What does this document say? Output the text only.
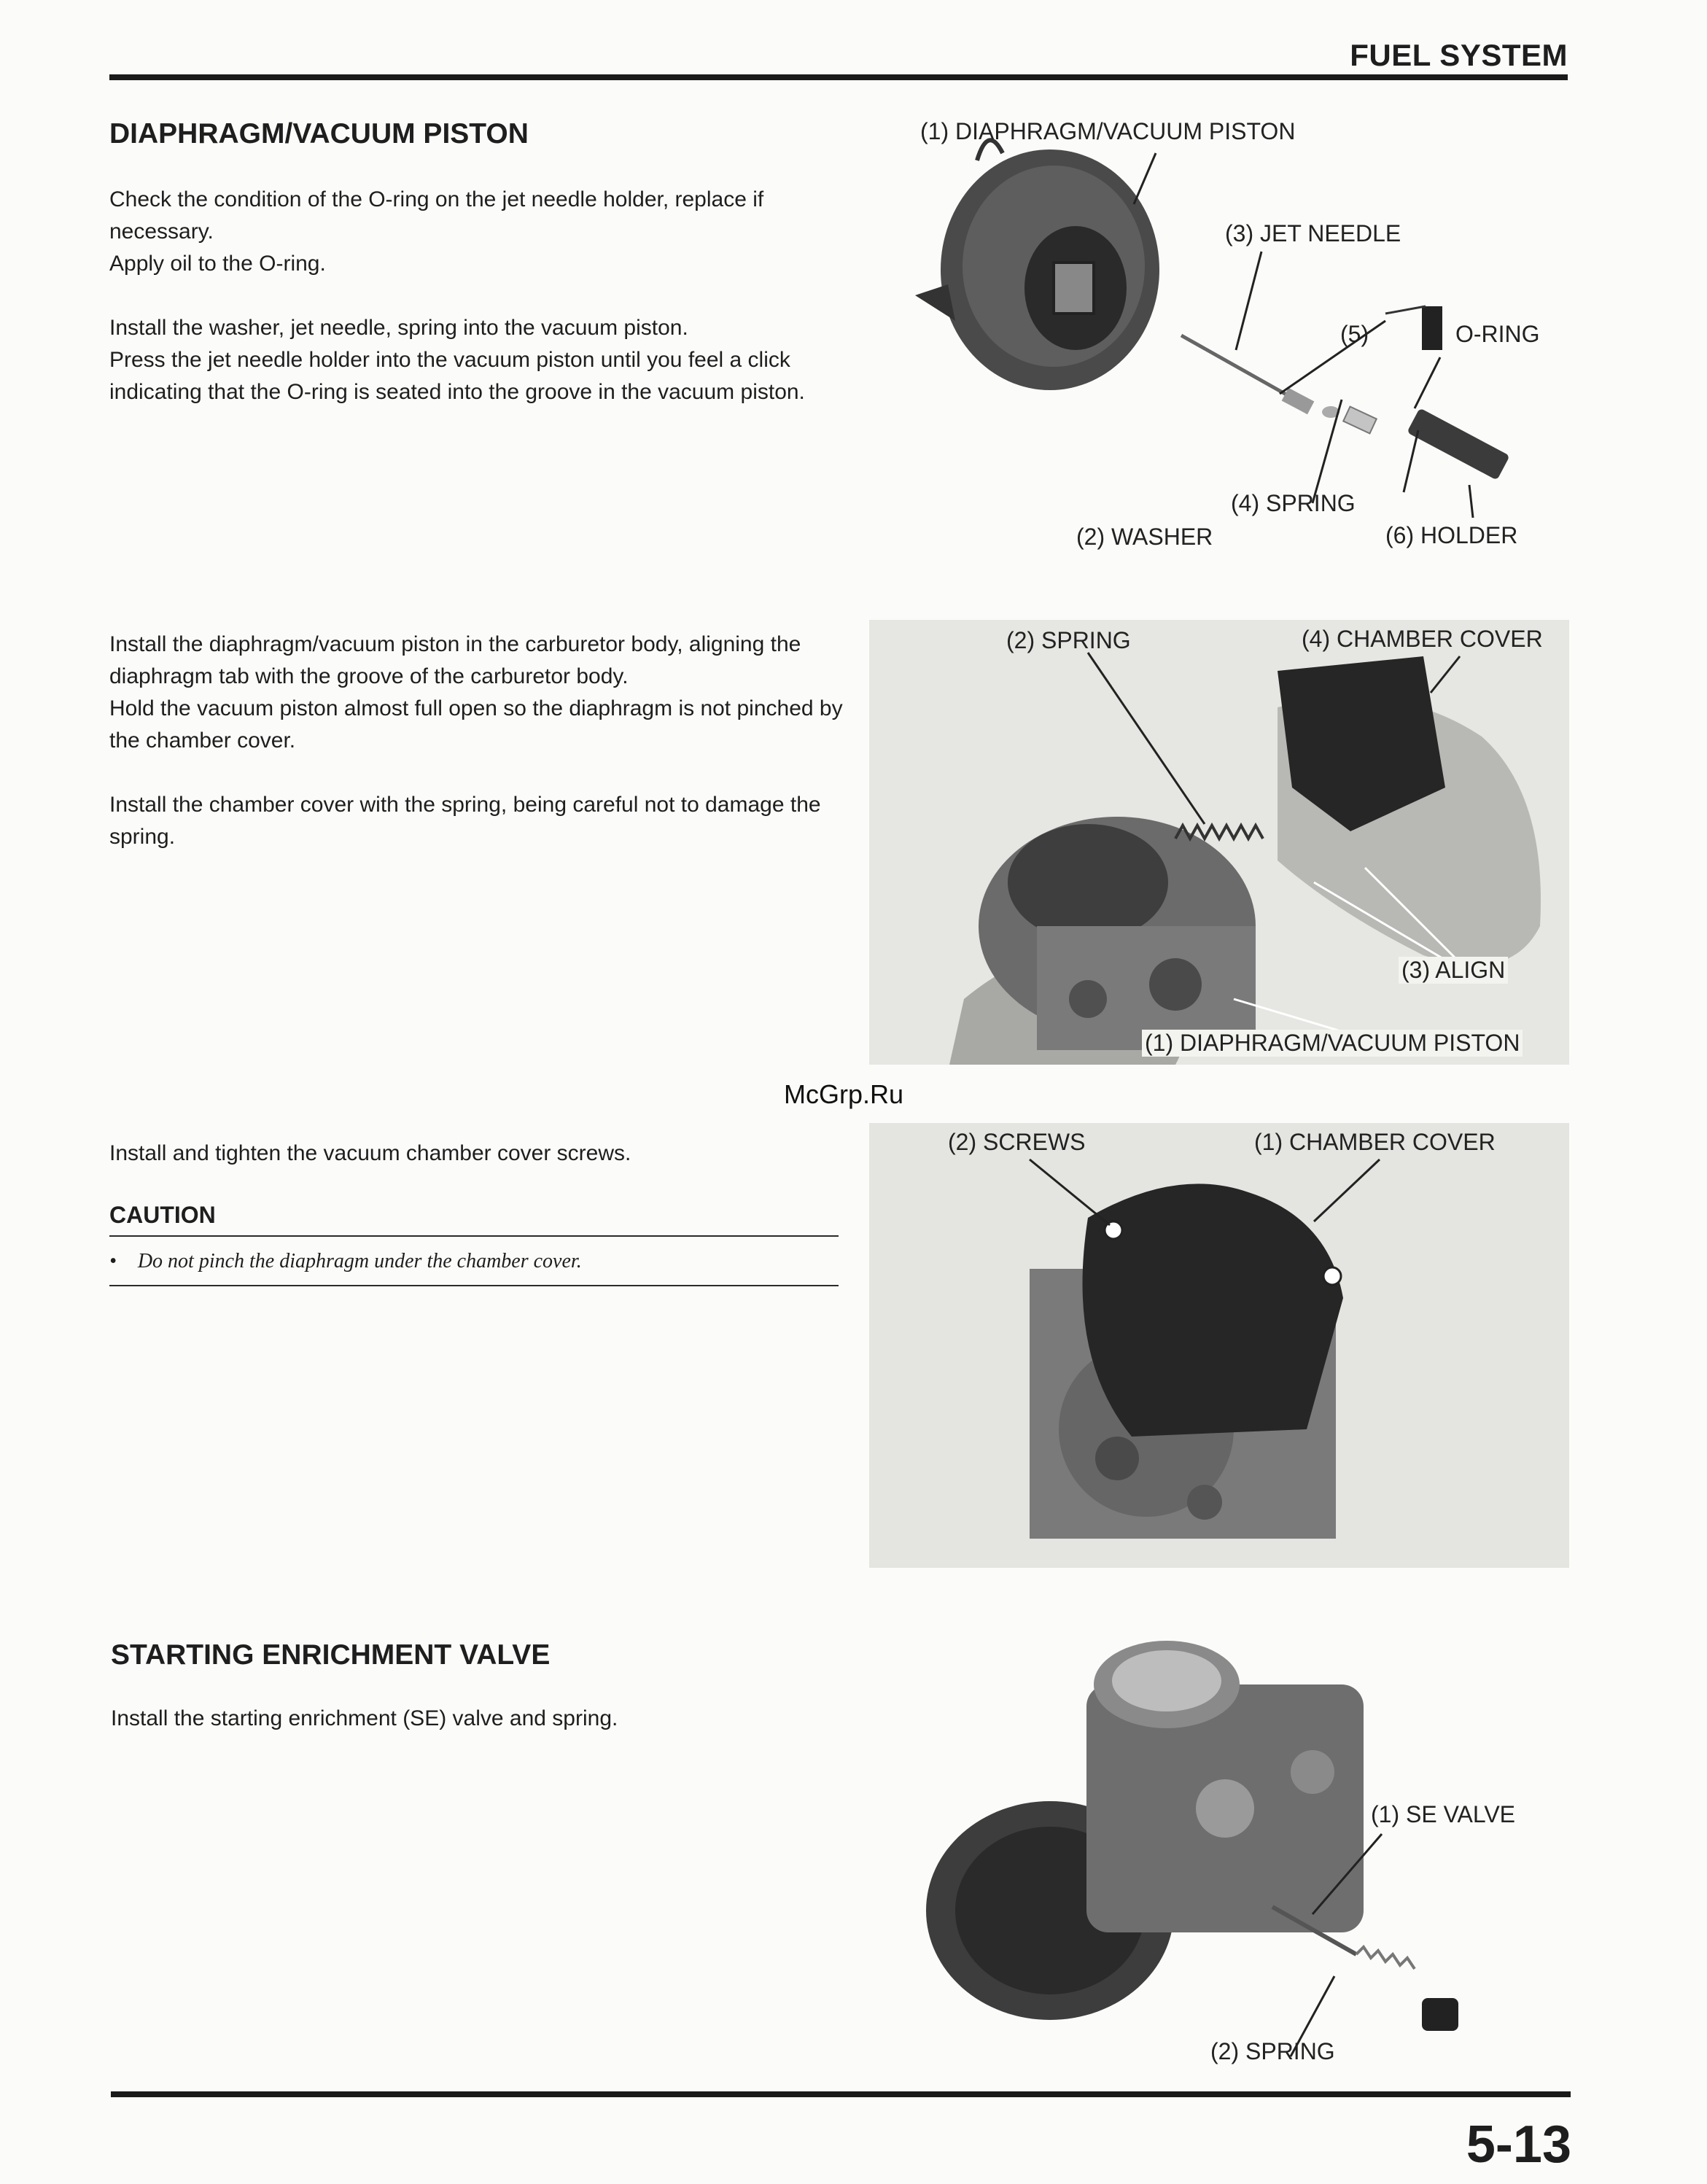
FUEL SYSTEM
DIAPHRAGM/VACUUM PISTON

Check the condition of the O-ring on the jet needle holder, replace if necessary.

Apply oil to the O-ring.

Install the washer, jet needle, spring into the vacuum piston.

Press the jet needle holder into the vacuum piston until you feel a click indicating that the O-ring is seated into the groove in the vacuum piston.

Install the diaphragm/vacuum piston in the carburetor body, aligning the diaphragm tab with the groove of the carburetor body.

Hold the vacuum piston almost full open so the diaphragm is not pinched by the chamber cover.

Install the chamber cover with the spring, being careful not to damage the spring.

McGrp.Ru

Install and tighten the vacuum chamber cover screws.

CAUTION
• Do not pinch the diaphragm under the chamber cover.
STARTING ENRICHMENT VALVE

Install the starting enrichment (SE) valve and spring.

(1) DIAPHRAGM/VACUUM PISTON
(3) JET NEEDLE
(5)	O-RING
(4) SPRING
(2) WASHER	(6) HOLDER
(2) SPRING	(4) CHAMBER COVER
(3) ALIGN
(1) DIAPHRAGM/VACUUM PISTON
(2) SCREWS	(1) CHAMBER COVER
(1) SE VALVE
(2) SPRING
5-13
